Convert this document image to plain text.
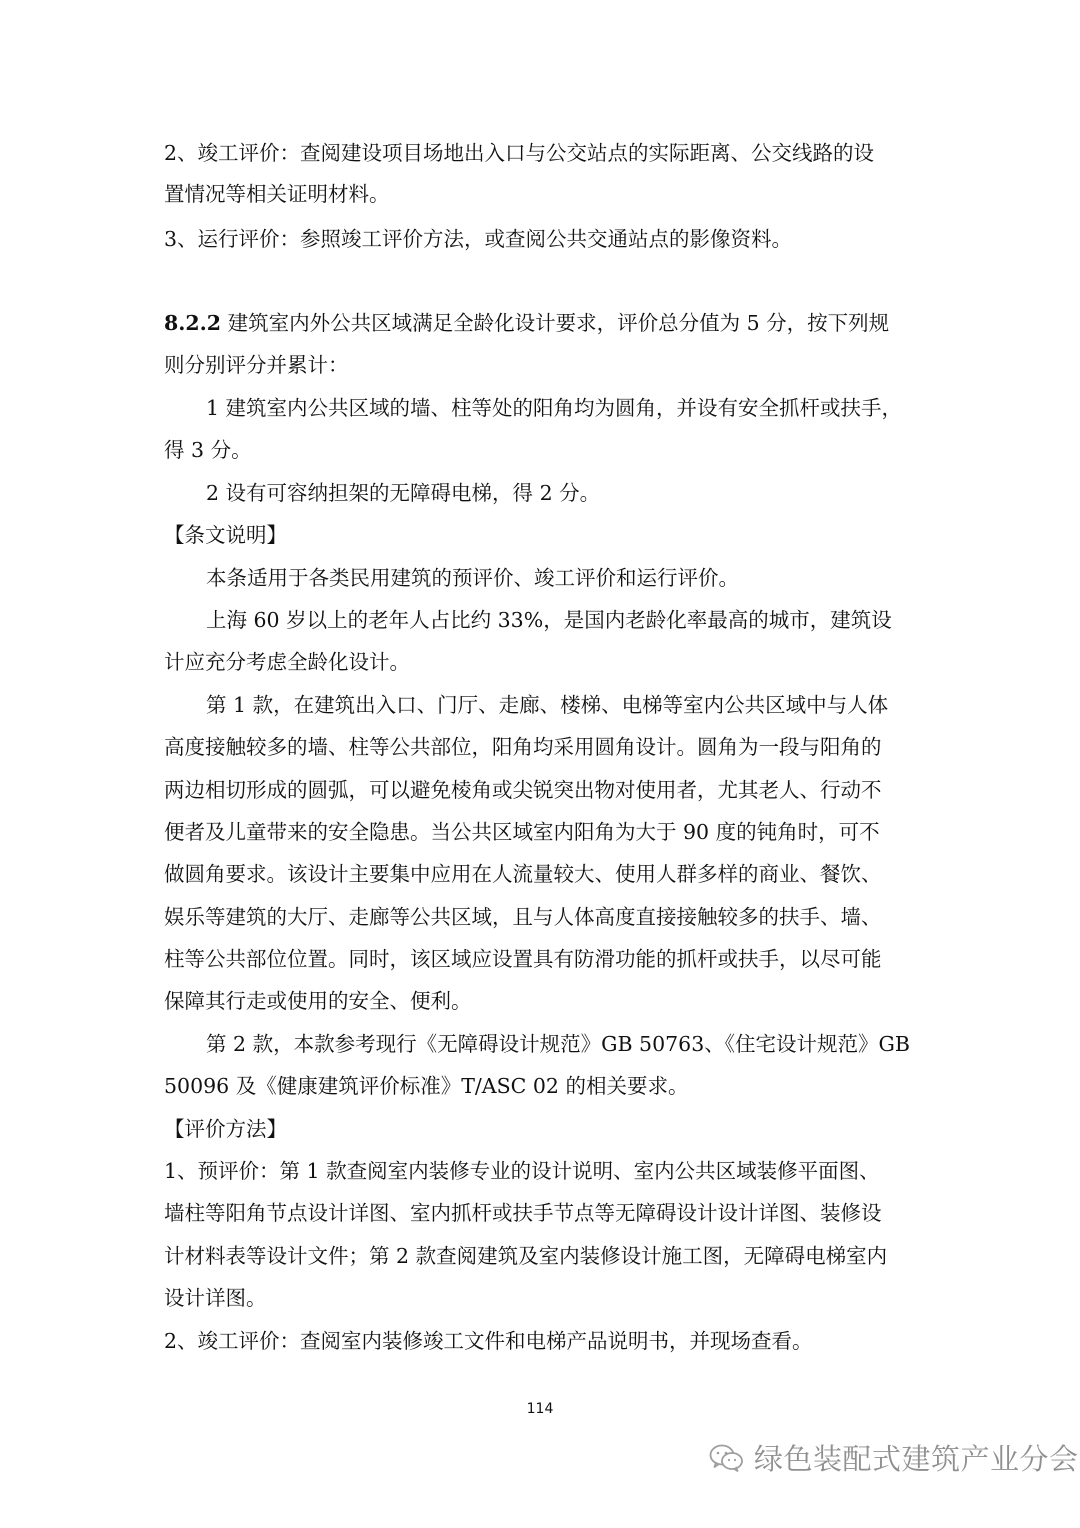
2、竣工评价：查阅建设项目场地出入口与公交站点的实际距离、公交线路的设
置情况等相关证明材料。
3、运行评价：参照竣工评价方法，或查阅公共交通站点的影像资料。
8.2.2 建筑室内外公共区域满足全龄化设计要求，评价总分值为 5 分，按下列规
则分别评分并累计：
1 建筑室内公共区域的墙、柱等处的阳角均为圆角，并设有安全抓杆或扶手，
得 3 分。
2 设有可容纳担架的无障碍电梯，得 2 分。
【条文说明】
本条适用于各类民用建筑的预评价、竣工评价和运行评价。
上海 60 岁以上的老年人占比约 33%，是国内老龄化率最高的城市，建筑设
计应充分考虑全龄化设计。
第 1 款，在建筑出入口、门厅、走廊、楼梯、电梯等室内公共区域中与人体
高度接触较多的墙、柱等公共部位，阳角均采用圆角设计。圆角为一段与阳角的
两边相切形成的圆弧，可以避免棱角或尖锐突出物对使用者，尤其老人、行动不
便者及儿童带来的安全隐患。当公共区域室内阳角为大于 90 度的钝角时，可不
做圆角要求。该设计主要集中应用在人流量较大、使用人群多样的商业、餐饮、
娱乐等建筑的大厅、走廊等公共区域，且与人体高度直接接触较多的扶手、墙、
柱等公共部位位置。同时，该区域应设置具有防滑功能的抓杆或扶手，以尽可能
保障其行走或使用的安全、便利。
第 2 款，本款参考现行《无障碍设计规范》GB 50763、《住宅设计规范》GB
50096 及《健康建筑评价标准》T/ASC 02 的相关要求。
【评价方法】
1、预评价：第 1 款查阅室内装修专业的设计说明、室内公共区域装修平面图、
墙柱等阳角节点设计详图、室内抓杆或扶手节点等无障碍设计设计详图、装修设
计材料表等设计文件；第 2 款查阅建筑及室内装修设计施工图，无障碍电梯室内
设计详图。
2、竣工评价：查阅室内装修竣工文件和电梯产品说明书，并现场查看。
114
绿色装配式建筑产业分会
